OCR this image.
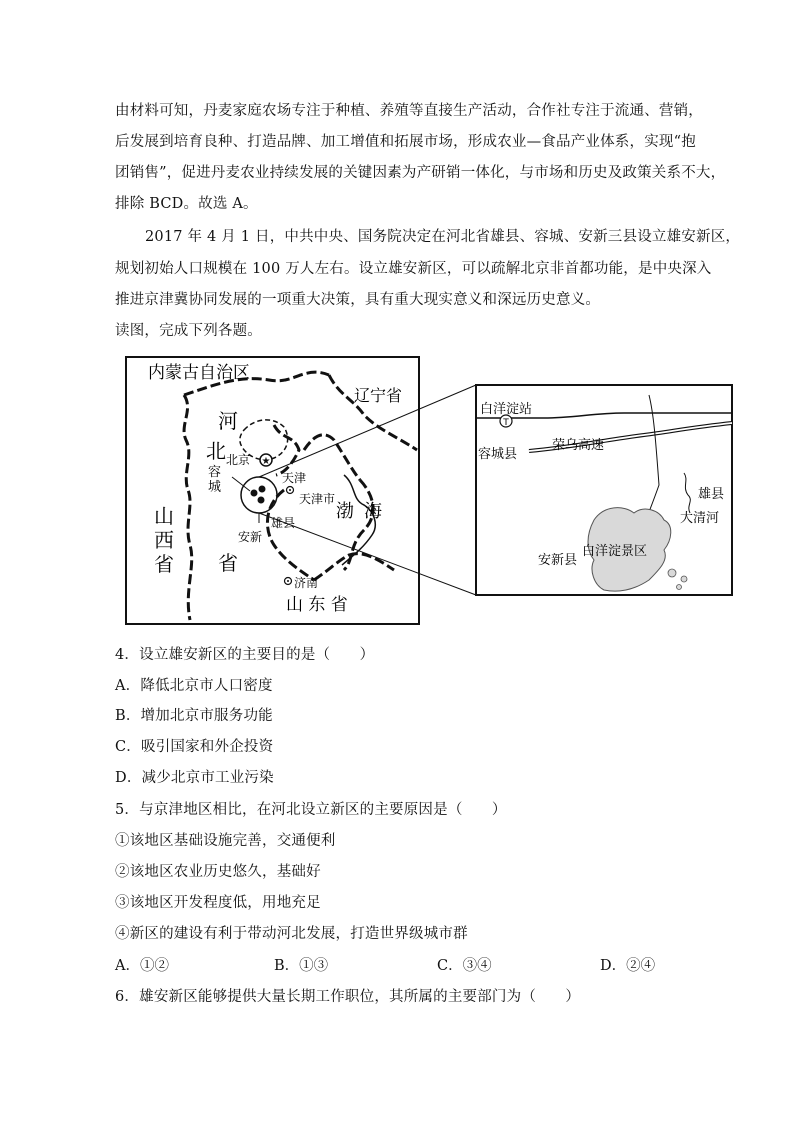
由材料可知，丹麦家庭农场专注于种植、养殖等直接生产活动，合作社专注于流通、营销，
后发展到培育良种、打造品牌、加工增值和拓展市场，形成农业—食品产业体系，实现“抱
团销售”，促进丹麦农业持续发展的关键因素为产研销一体化，与市场和历史及政策关系不大，
排除 BCD。故选 A。
2017 年 4 月 1 日，中共中央、国务院决定在河北省雄县、容城、安新三县设立雄安新区，
规划初始人口规模在 100 万人左右。设立雄安新区，可以疏解北京非首都功能，是中央深入
推进京津冀协同发展的一项重大决策，具有重大现实意义和深远历史意义。
读图，完成下列各题。
★
内蒙古自治区
辽宁省
河
北
省
北京
天津
天津市
容
城
雄县
安新
渤 海
山
西
省
济南
山 东 省
T
白洋淀站
容城县
荣乌高速
雄县
大清河
安新县
白洋淀景区
4．设立雄安新区的主要目的是（　　）
A．降低北京市人口密度
B．增加北京市服务功能
C．吸引国家和外企投资
D．减少北京市工业污染
5．与京津地区相比，在河北设立新区的主要原因是（　　）
①该地区基础设施完善，交通便利
②该地区农业历史悠久，基础好
③该地区开发程度低，用地充足
④新区的建设有利于带动河北发展，打造世界级城市群
A．①②	B．①③	C．③④	D．②④
6．雄安新区能够提供大量长期工作职位，其所属的主要部门为（　　）
